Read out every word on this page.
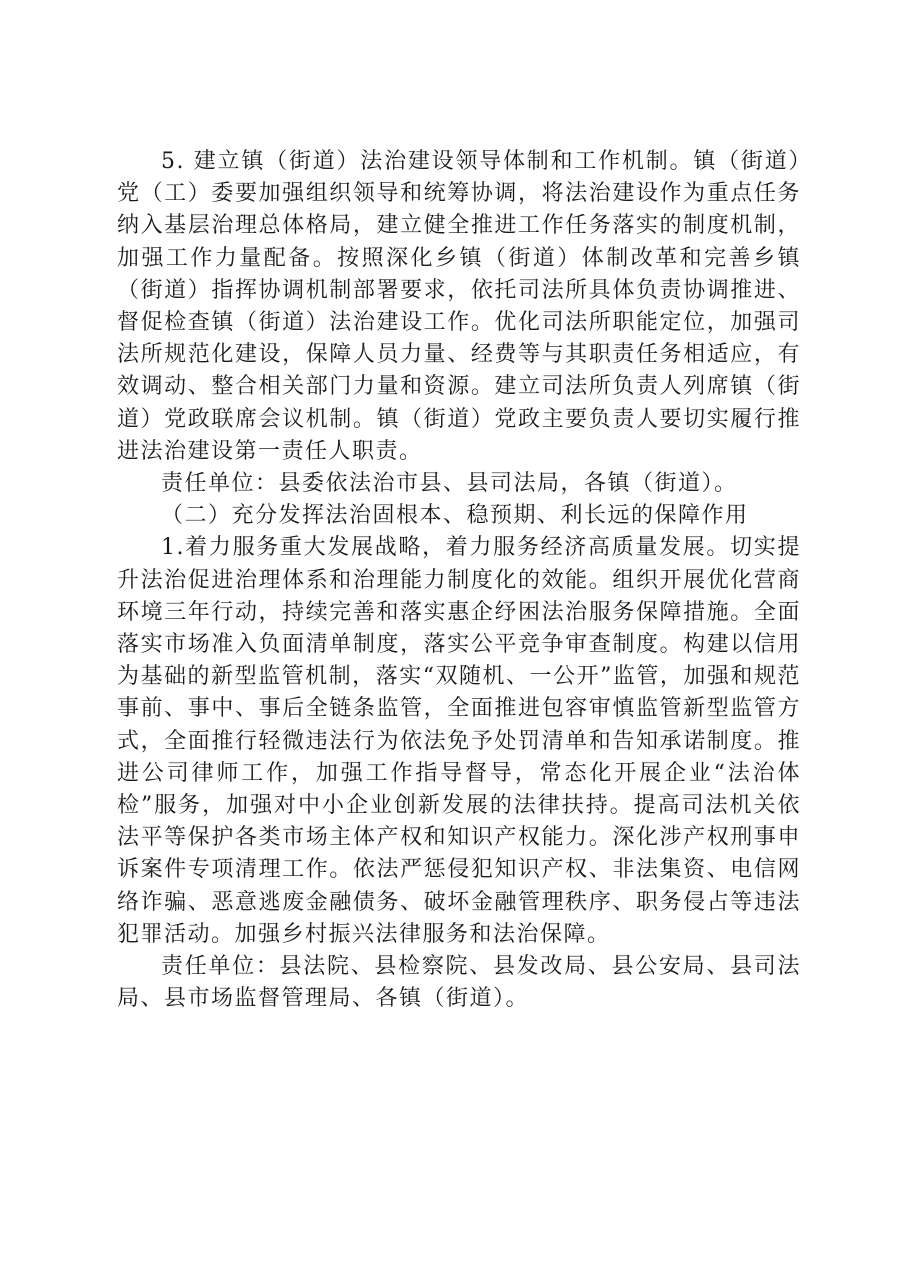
5. 建立镇（街道）法治建设领导体制和工作机制。镇（街道）党（工）委要加强组织领导和统筹协调，将法治建设作为重点任务纳入基层治理总体格局，建立健全推进工作任务落实的制度机制，加强工作力量配备。按照深化乡镇（街道）体制改革和完善乡镇（街道）指挥协调机制部署要求，依托司法所具体负责协调推进、督促检查镇（街道）法治建设工作。优化司法所职能定位，加强司法所规范化建设，保障人员力量、经费等与其职责任务相适应，有效调动、整合相关部门力量和资源。建立司法所负责人列席镇（街道）党政联席会议机制。镇（街道）党政主要负责人要切实履行推进法治建设第一责任人职责。

责任单位：县委依法治市县、县司法局，各镇（街道）。

（二）充分发挥法治固根本、稳预期、利长远的保障作用

1.着力服务重大发展战略，着力服务经济高质量发展。切实提升法治促进治理体系和治理能力制度化的效能。组织开展优化营商环境三年行动，持续完善和落实惠企纾困法治服务保障措施。全面落实市场准入负面清单制度，落实公平竞争审查制度。构建以信用为基础的新型监管机制，落实“双随机、一公开”监管，加强和规范事前、事中、事后全链条监管，全面推进包容审慎监管新型监管方式，全面推行轻微违法行为依法免予处罚清单和告知承诺制度。推进公司律师工作，加强工作指导督导，常态化开展企业“法治体检”服务，加强对中小企业创新发展的法律扶持。提高司法机关依法平等保护各类市场主体产权和知识产权能力。深化涉产权刑事申诉案件专项清理工作。依法严惩侵犯知识产权、非法集资、电信网络诈骗、恶意逃废金融债务、破坏金融管理秩序、职务侵占等违法犯罪活动。加强乡村振兴法律服务和法治保障。

责任单位：县法院、县检察院、县发改局、县公安局、县司法局、县市场监督管理局、各镇（街道）。
